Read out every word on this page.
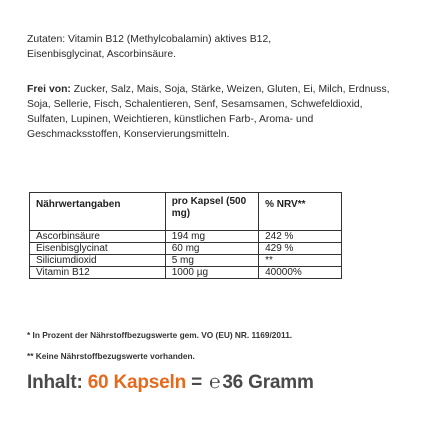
Zutaten: Vitamin B12 (Methylcobalamin) aktives B12, Eisenbisglycinat, Ascorbinsäure.

Frei von: Zucker, Salz, Mais, Soja, Stärke, Weizen, Gluten, Ei, Milch, Erdnuss, Soja, Sellerie, Fisch, Schalentieren, Senf, Sesamsamen, Schwefeldioxid, Sulfaten, Lupinen, Weichtieren, künstlichen Farb-, Aroma- und Geschmacksstoffen, Konservierungsmitteln.

Nährwertangaben	pro Kapsel (500 mg)	% NRV**
Ascorbinsäure	194 mg	242 %
Eisenbisglycinat	60 mg	429 %
Siliciumdioxid	5 mg	**
Vitamin B12	1000 µg	40000%
* In Prozent der Nährstoffbezugswerte gem. VO (EU) NR. 1169/2011.
** Keine Nährstoffbezugswerte vorhanden.
Inhalt: 60 Kapseln = ℮ 36 Gramm
